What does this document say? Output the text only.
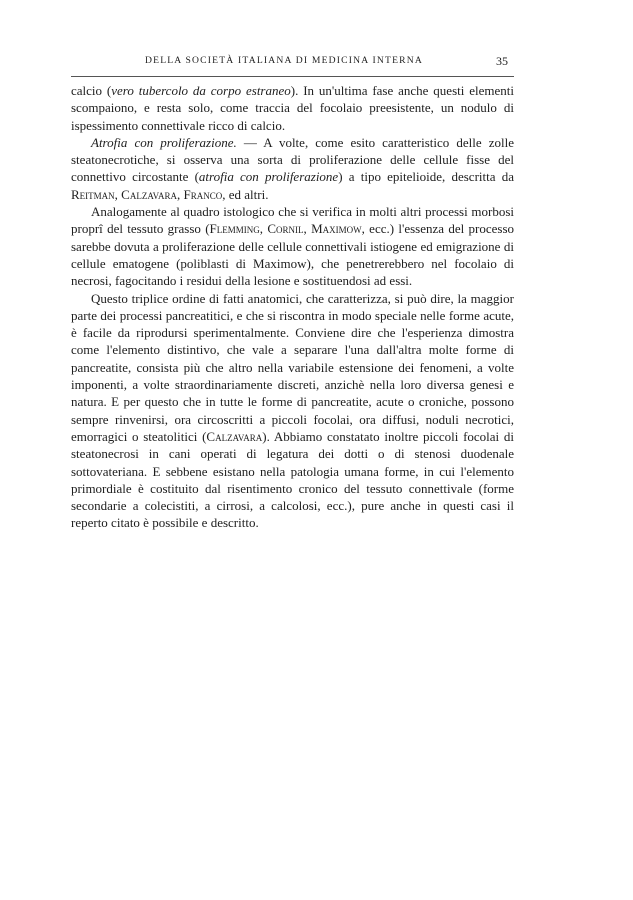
DELLA SOCIETÀ ITALIANA DI MEDICINA INTERNA	35

calcio (vero tubercolo da corpo estraneo). In un'ultima fase anche questi elementi scompaiono, e resta solo, come traccia del focolaio preesistente, un nodulo di ispessimento connettivale ricco di calcio.

Atrofia con proliferazione. — A volte, come esito caratteristico delle zolle steatonecrotiche, si osserva una sorta di proliferazione delle cellule fisse del connettivo circostante (atrofia con proliferazione) a tipo epitelioide, descritta da Reitman, Calzavara, Franco, ed altri.

Analogamente al quadro istologico che si verifica in molti altri processi morbosi proprî del tessuto grasso (Flemming, Cornil, Maximow, ecc.) l'essenza del processo sarebbe dovuta a proliferazione delle cellule connettivali istiogene ed emigrazione di cellule ematogene (poliblasti di Maximow), che penetrerebbero nel focolaio di necrosi, fagocitando i residui della lesione e sostituendosi ad essi.

Questo triplice ordine di fatti anatomici, che caratterizza, si può dire, la maggior parte dei processi pancreatitici, e che si riscontra in modo speciale nelle forme acute, è facile da riprodursi sperimentalmente. Conviene dire che l'esperienza dimostra come l'elemento distintivo, che vale a separare l'una dall'altra molte forme di pancreatite, consista più che altro nella variabile estensione dei fenomeni, a volte imponenti, a volte straordinariamente discreti, anzichè nella loro diversa genesi e natura. E per questo che in tutte le forme di pancreatite, acute o croniche, possono sempre rinvenirsi, ora circoscritti a piccoli focolai, ora diffusi, noduli necrotici, emorragici o steatolitici (Calzavara). Abbiamo constatato inoltre piccoli focolai di steatonecrosi in cani operati di legatura dei dotti o di stenosi duodenale sottovateriana. E sebbene esistano nella patologia umana forme, in cui l'elemento primordiale è costituito dal risentimento cronico del tessuto connettivale (forme secondarie a colecistiti, a cirrosi, a calcolosi, ecc.), pure anche in questi casi il reperto citato è possibile e descritto.
